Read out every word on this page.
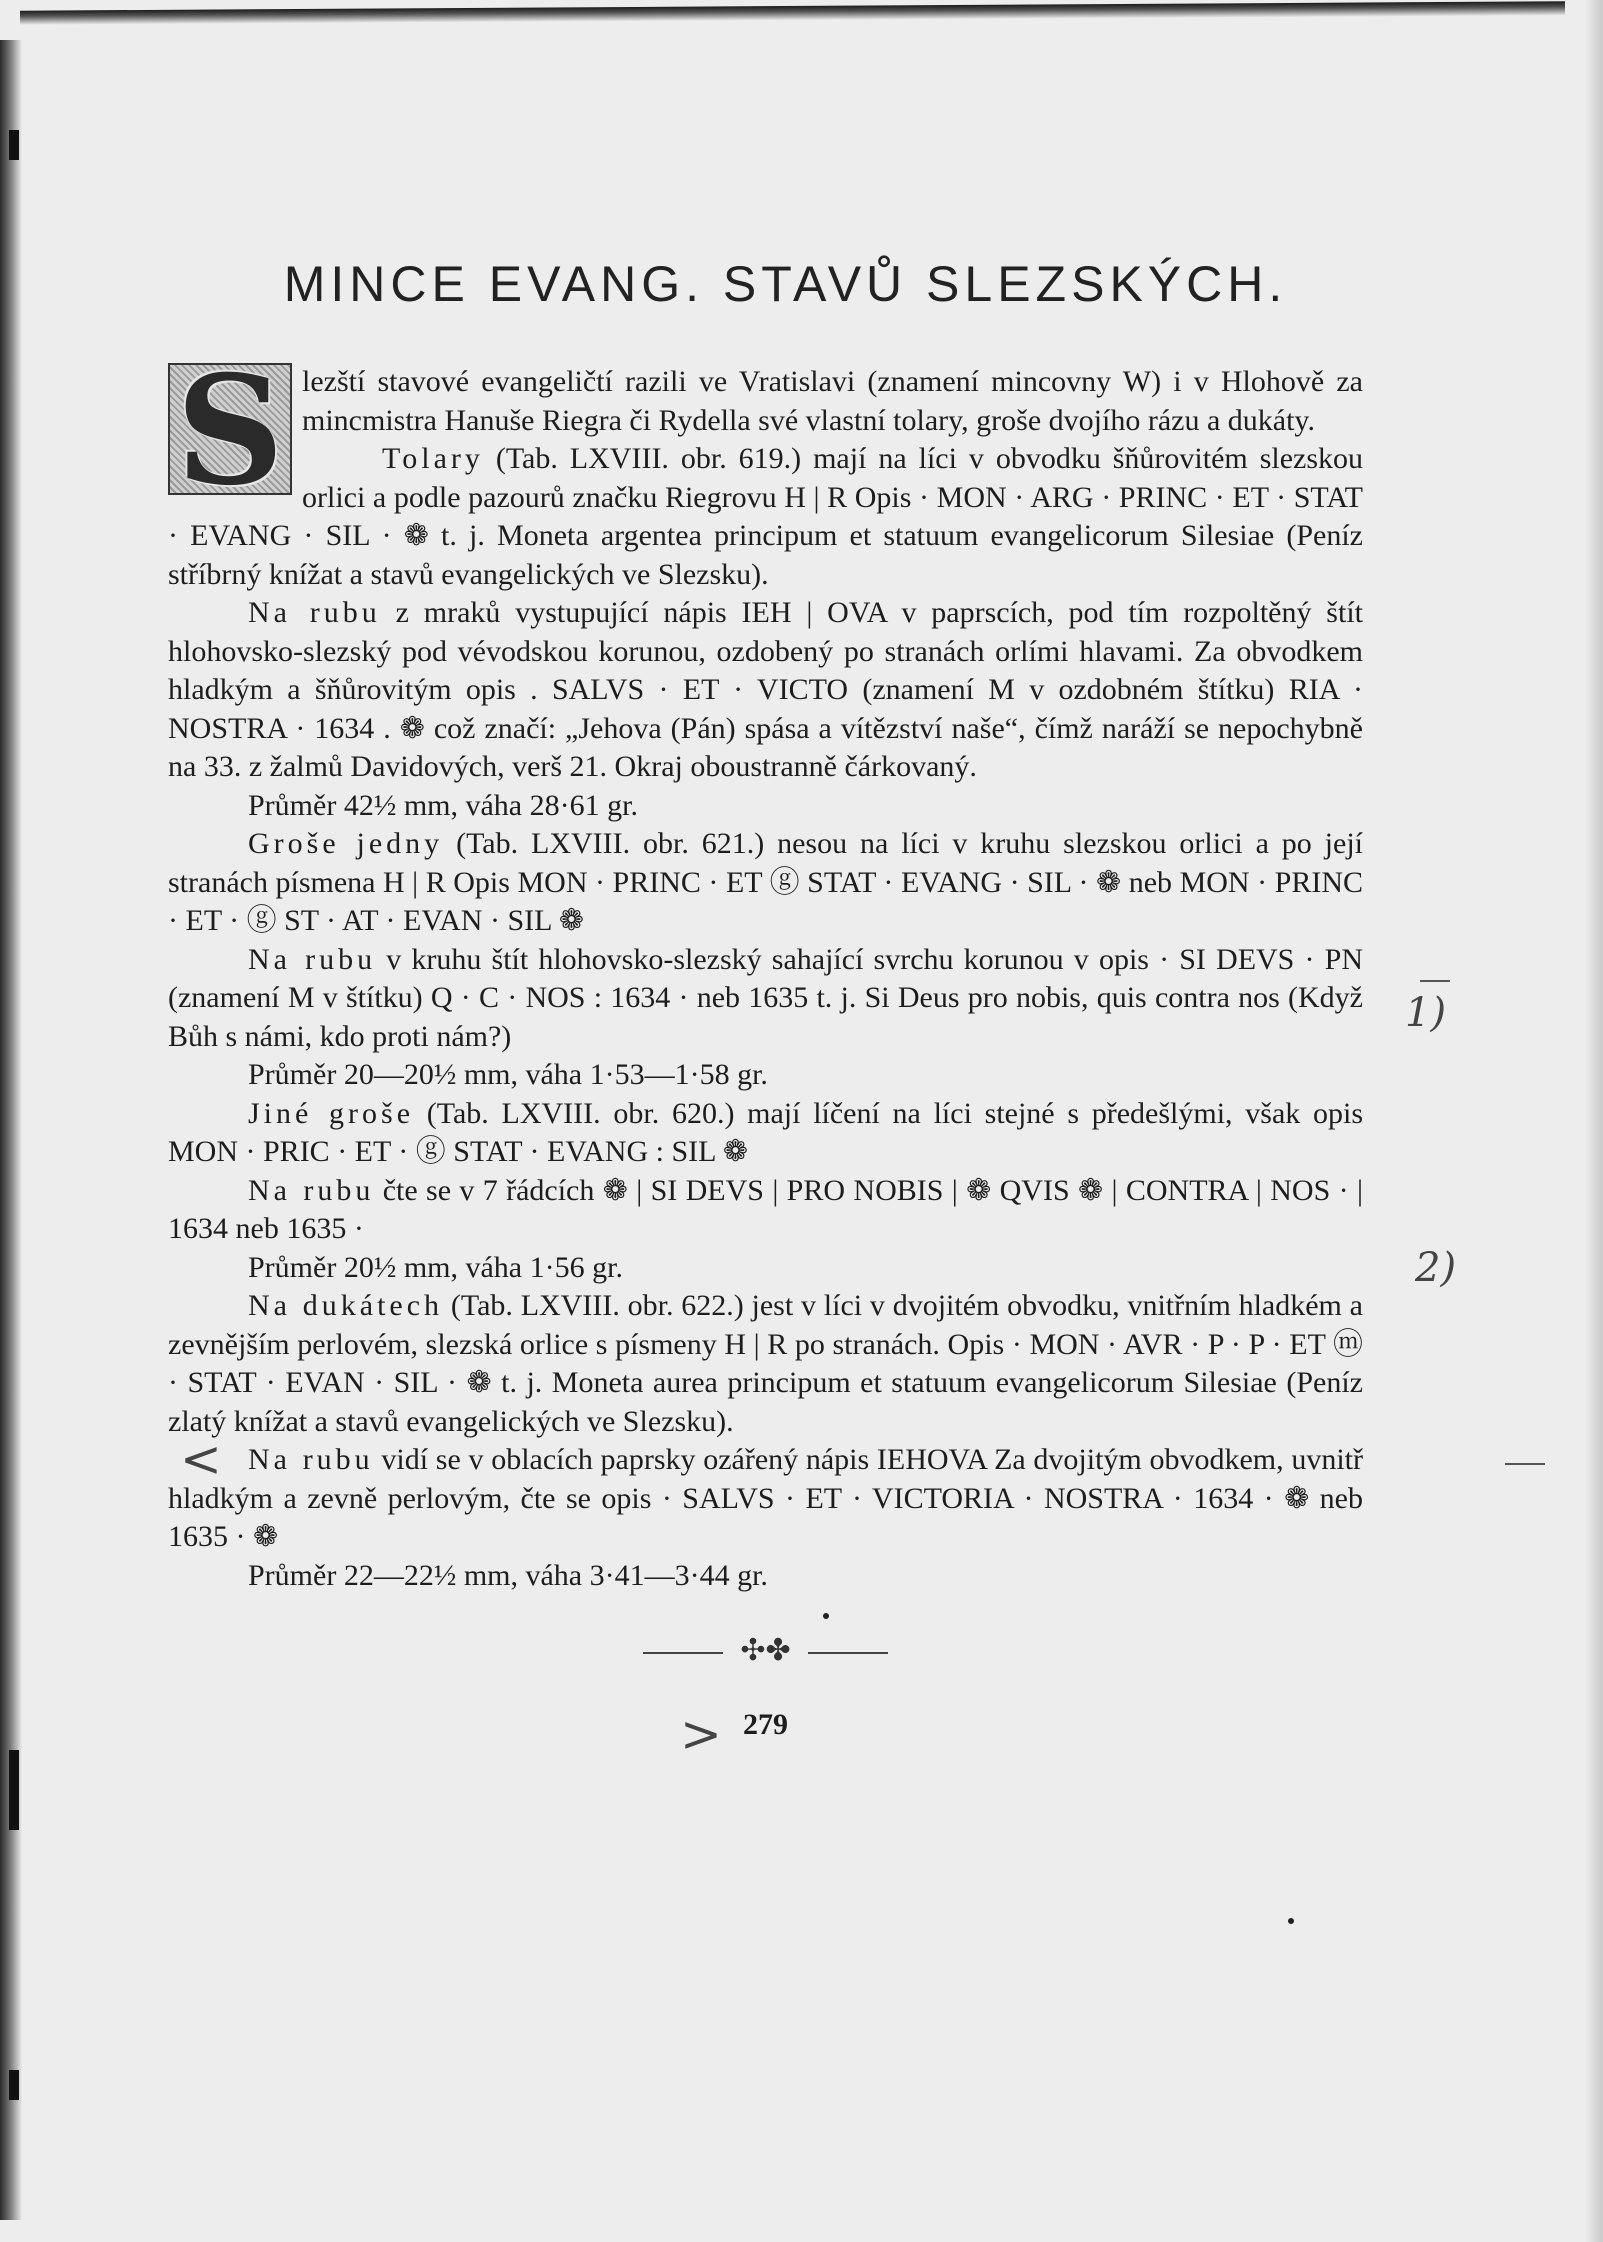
MINCE EVANG. STAVŮ SLEZSKÝCH.
S lezští stavové evangeličtí razili ve Vratislavi (znamení mincovny W) i v Hlohově za mincmistra Hanuše Riegra či Rydella své vlastní tolary, groše dvojího rázu a dukáty.

Tolary (Tab. LXVIII. obr. 619.) mají na líci v obvodku šňůrovitém slezskou orlici a podle pazourů značku Riegrovu H | R Opis · MON · ARG · PRINC · ET · STAT · EVANG · SIL · ❁ t. j. Moneta argentea principum et statuum evangelicorum Silesiae (Peníz stříbrný knížat a stavů evangelických ve Slezsku).

Na rubu z mraků vystupující nápis IEH | OVA v paprscích, pod tím rozpoltěný štít hlohovsko-slezský pod vévodskou korunou, ozdobený po stranách orlími hlavami. Za obvodkem hladkým a šňůrovitým opis . SALVS · ET · VICTO (znamení M v ozdobném štítku) RIA · NOSTRA · 1634 . ❁ což značí: „Jehova (Pán) spása a vítězství naše“, čímž naráží se nepochybně na 33. z žalmů Davidových, verš 21. Okraj oboustranně čárkovaný.

Průměr 42½ mm, váha 28·61 gr.

Groše jedny (Tab. LXVIII. obr. 621.) nesou na líci v kruhu slezskou orlici a po její stranách písmena H | R Opis MON · PRINC · ET ⓖ STAT · EVANG · SIL · ❁ neb MON · PRINC · ET · ⓖ ST · AT · EVAN · SIL ❁

Na rubu v kruhu štít hlohovsko-slezský sahající svrchu korunou v opis · SI DEVS · PN (znamení M v štítku) Q · C · NOS : 1634 · neb 1635 t. j. Si Deus pro nobis, quis contra nos (Když Bůh s námi, kdo proti nám?)

Průměr 20—20½ mm, váha 1·53—1·58 gr.

Jiné groše (Tab. LXVIII. obr. 620.) mají líčení na líci stejné s předešlými, však opis MON · PRIC · ET · ⓖ STAT · EVANG : SIL ❁

Na rubu čte se v 7 řádcích ❁ | SI DEVS | PRO NOBIS | ❁ QVIS ❁ | CONTRA | NOS · | 1634 neb 1635 ·

Průměr 20½ mm, váha 1·56 gr.

Na dukátech (Tab. LXVIII. obr. 622.) jest v líci v dvojitém obvodku, vnitřním hladkém a zevnějším perlovém, slezská orlice s písmeny H | R po stranách. Opis · MON · AVR · P · P · ET ⓜ · STAT · EVAN · SIL · ❁ t. j. Moneta aurea principum et statuum evangelicorum Silesiae (Peníz zlatý knížat a stavů evangelických ve Slezsku).

Na rubu vidí se v oblacích paprsky ozářený nápis IEHOVA Za dvojitým obvodkem, uvnitř hladkým a zevně perlovým, čte se opis · SALVS · ET · VICTORIA · NOSTRA · 1634 · ❁ neb 1635 · ❁

Průměr 22—22½ mm, váha 3·41—3·44 gr.

✣✤
279
1)
2)
<
>
